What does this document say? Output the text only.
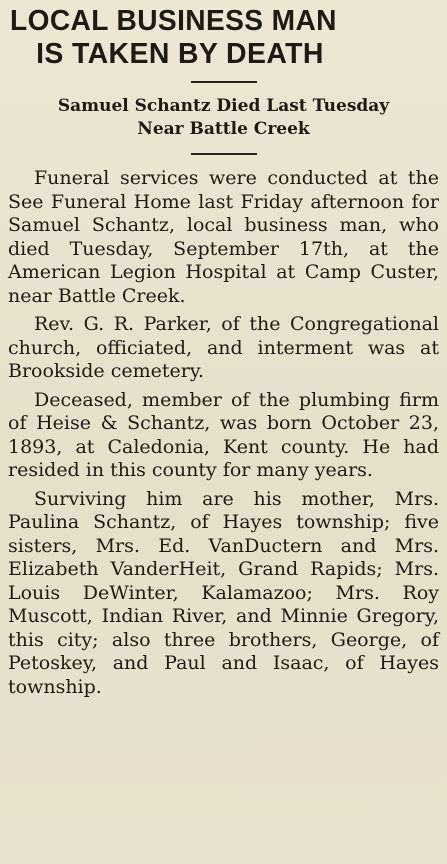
LOCAL BUSINESS MAN
IS TAKEN BY DEATH
Samuel Schantz Died Last Tuesday
Near Battle Creek

Funeral services were conducted at the See Funeral Home last Friday afternoon for Samuel Schantz, local business man, who died Tuesday, September 17th, at the American Legion Hospital at Camp Custer, near Battle Creek.

Rev. G. R. Parker, of the Congregational church, officiated, and interment was at Brookside cemetery.

Deceased, member of the plumbing firm of Heise & Schantz, was born October 23, 1893, at Caledonia, Kent county. He had resided in this county for many years.

Surviving him are his mother, Mrs. Paulina Schantz, of Hayes township; five sisters, Mrs. Ed. VanDuctern and Mrs. Elizabeth VanderHeit, Grand Rapids; Mrs. Louis DeWinter, Kalamazoo; Mrs. Roy Muscott, Indian River, and Minnie Gregory, this city; also three brothers, George, of Petoskey, and Paul and Isaac, of Hayes township.
